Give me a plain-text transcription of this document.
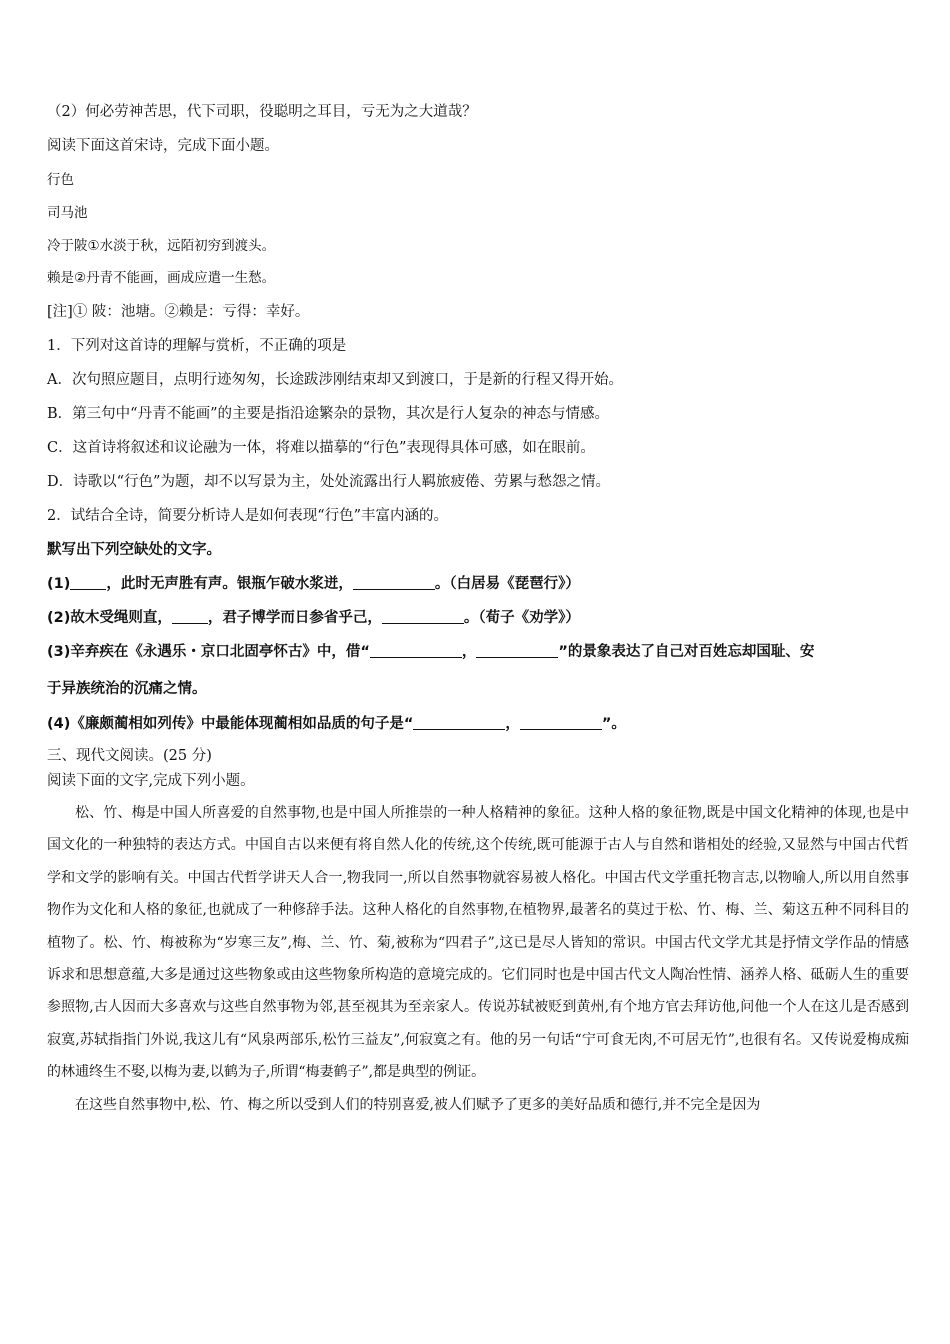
（2）何必劳神苦思，代下司职，役聪明之耳目，亏无为之大道哉？
阅读下面这首宋诗，完成下面小题。
行色
司马池
冷于陂①水淡于秋，远陌初穷到渡头。
赖是②丹青不能画，画成应遣一生愁。
[注]① 陂：池塘。②赖是：亏得：幸好。
1．下列对这首诗的理解与赏析，不正确的项是
A．次句照应题目，点明行迹匆匆，长途跋涉刚结束却又到渡口，于是新的行程又得开始。
B．第三句中“丹青不能画”的主要是指沿途繁杂的景物，其次是行人复杂的神态与情感。
C．这首诗将叙述和议论融为一体，将难以描摹的“行色”表现得具体可感，如在眼前。
D．诗歌以“行色”为题，却不以写景为主，处处流露出行人羁旅疲倦、劳累与愁怨之情。
2．试结合全诗，简要分析诗人是如何表现“行色”丰富内涵的。
默写出下列空缺处的文字。
(1) ，此时无声胜有声。银瓶乍破水浆迸，	。（白居易《琵琶行》）
(2)故木受绳则直， ，君子博学而日参省乎己，	。（荀子《劝学》）
(3)辛弃疾在《永遇乐・京口北固亭怀古》中，借“	，	”的景象表达了自己对百姓忘却国耻、安
于异族统治的沉痛之情。
(4)《廉颇蔺相如列传》中最能体现蔺相如品质的句子是“	，	”。
三、现代文阅读。(25 分)
阅读下面的文字,完成下列小题。

松、竹、梅是中国人所喜爱的自然事物,也是中国人所推崇的一种人格精神的象征。这种人格的象征物,既是中国文化精神的体现,也是中国文化的一种独特的表达方式。中国自古以来便有将自然人化的传统,这个传统,既可能源于古人与自然和谐相处的经验,又显然与中国古代哲学和文学的影响有关。中国古代哲学讲天人合一,物我同一,所以自然事物就容易被人格化。中国古代文学重托物言志,以物喻人,所以用自然事物作为文化和人格的象征,也就成了一种修辞手法。这种人格化的自然事物,在植物界,最著名的莫过于松、竹、梅、兰、菊这五种不同科目的植物了。松、竹、梅被称为“岁寒三友”,梅、兰、竹、菊,被称为“四君子”,这已是尽人皆知的常识。中国古代文学尤其是抒情文学作品的情感诉求和思想意蕴,大多是通过这些物象或由这些物象所构造的意境完成的。它们同时也是中国古代文人陶冶性情、涵养人格、砥砺人生的重要参照物,古人因而大多喜欢与这些自然事物为邻,甚至视其为至亲家人。传说苏轼被贬到黄州,有个地方官去拜访他,问他一个人在这儿是否感到寂寞,苏轼指指门外说,我这儿有“风泉两部乐,松竹三益友”,何寂寞之有。他的另一句话“宁可食无肉,不可居无竹”,也很有名。又传说爱梅成痴的林逋终生不娶,以梅为妻,以鹤为子,所谓“梅妻鹤子”,都是典型的例证。

在这些自然事物中,松、竹、梅之所以受到人们的特别喜爱,被人们赋予了更多的美好品质和德行,并不完全是因为
